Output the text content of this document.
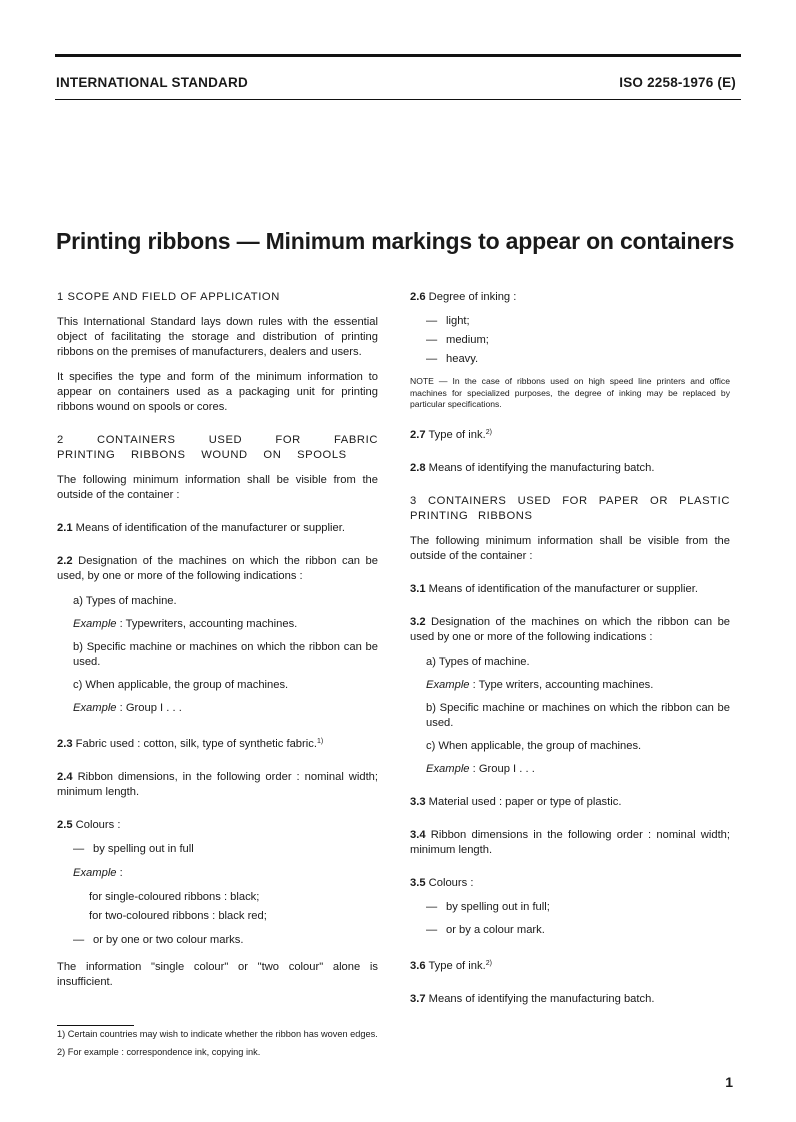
INTERNATIONAL STANDARD	ISO 2258-1976 (E)
Printing ribbons — Minimum markings to appear on containers

1 SCOPE AND FIELD OF APPLICATION

This International Standard lays down rules with the essential object of facilitating the storage and distribution of printing ribbons on the premises of manufacturers, dealers and users.

It specifies the type and form of the minimum information to appear on containers used as a packaging unit for printing ribbons wound on spools or cores.

2 CONTAINERS USED FOR FABRIC PRINTING RIBBONS WOUND ON SPOOLS

The following minimum information shall be visible from the outside of the container :

2.1 Means of identification of the manufacturer or supplier.

2.2 Designation of the machines on which the ribbon can be used, by one or more of the following indications :

a) Types of machine.

Example : Typewriters, accounting machines.

b) Specific machine or machines on which the ribbon can be used.

c) When applicable, the group of machines.

Example : Group I . . .

2.3 Fabric used : cotton, silk, type of synthetic fabric.$^{1)}$

2.4 Ribbon dimensions, in the following order : nominal width; minimum length.

2.5 Colours :

— by spelling out in full

Example :

for single-coloured ribbons : black;

for two-coloured ribbons : black red;

— or by one or two colour marks.

The information "single colour" or "two colour" alone is insufficient.

2.6 Degree of inking :

— light;

— medium;

— heavy.

NOTE — In the case of ribbons used on high speed line printers and office machines for specialized purposes, the degree of inking may be replaced by particular specifications.

2.7 Type of ink.$^{2)}$

2.8 Means of identifying the manufacturing batch.

3 CONTAINERS USED FOR PAPER OR PLASTIC PRINTING RIBBONS

The following minimum information shall be visible from the outside of the container :

3.1 Means of identification of the manufacturer or supplier.

3.2 Designation of the machines on which the ribbon can be used by one or more of the following indications :

a) Types of machine.

Example : Type writers, accounting machines.

b) Specific machine or machines on which the ribbon can be used.

c) When applicable, the group of machines.

Example : Group I . . .

3.3 Material used : paper or type of plastic.

3.4 Ribbon dimensions in the following order : nominal width; minimum length.

3.5 Colours :

— by spelling out in full;

— or by a colour mark.

3.6 Type of ink.$^{2)}$

3.7 Means of identifying the manufacturing batch.

1) Certain countries may wish to indicate whether the ribbon has woven edges.
2) For example : correspondence ink, copying ink.
1
